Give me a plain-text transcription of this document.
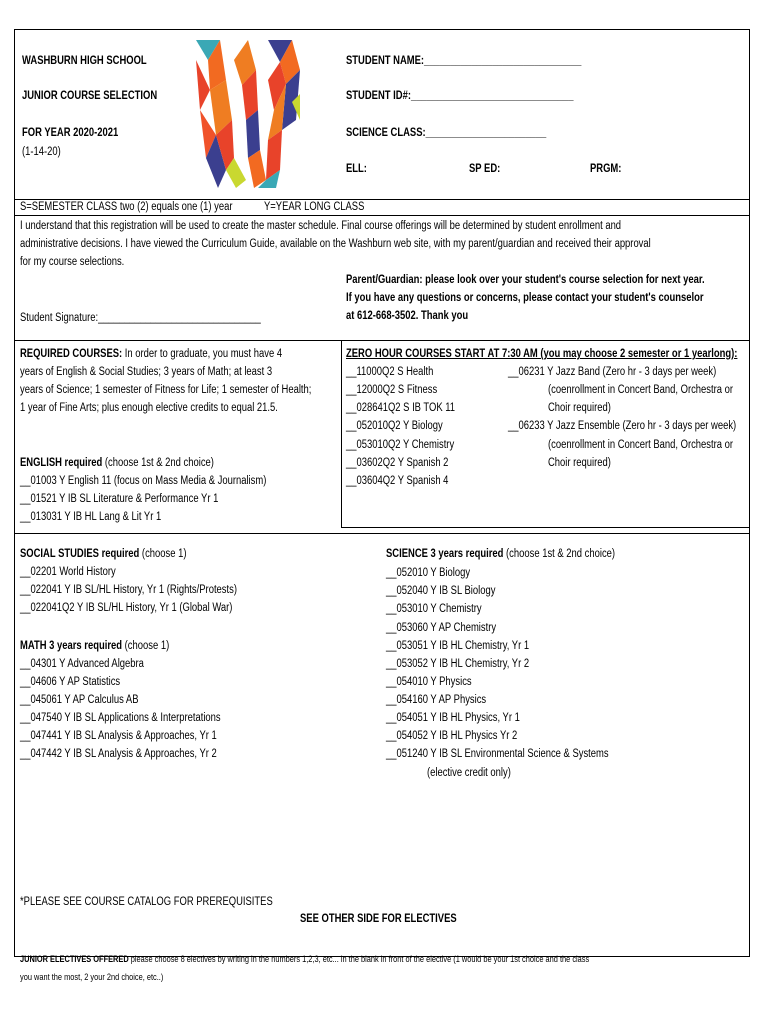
WASHBURN HIGH SCHOOL
JUNIOR COURSE SELECTION
FOR YEAR 2020-2021
(1-14-20)
STUDENT NAME:______________________________
STUDENT ID#:_______________________________
SCIENCE CLASS:_______________________
ELL:	SP ED:	PRGM:
S=SEMESTER CLASS two (2) equals one (1) year	Y=YEAR LONG CLASS
I understand that this registration will be used to create the master schedule. Final course offerings will be determined by student enrollment and
administrative decisions. I have viewed the Curriculum Guide, available on the Washburn web site, with my parent/guardian and received their approval
for my course selections.
Parent/Guardian: please look over your student's course selection for next year.
If you have any questions or concerns, please contact your student's counselor
at 612-668-3502. Thank you
Student Signature:_______________________________
REQUIRED COURSES: In order to graduate, you must have 4
years of English & Social Studies; 3 years of Math; at least 3
years of Science; 1 semester of Fitness for Life; 1 semester of Health;
1 year of Fine Arts; plus enough elective credits to equal 21.5.
ZERO HOUR COURSES START AT 7:30 AM (you may choose 2 semester or 1 yearlong):
__11000Q2 S Health
__12000Q2 S Fitness
__028641Q2 S IB TOK 11
__052010Q2 Y Biology
__053010Q2 Y Chemistry
__03602Q2 Y Spanish 2
__03604Q2 Y Spanish 4
__06231 Y Jazz Band (Zero hr - 3 days per week)
(coenrollment in Concert Band, Orchestra or
Choir required)
__06233 Y Jazz Ensemble (Zero hr - 3 days per week)
(coenrollment in Concert Band, Orchestra or
Choir required)
ENGLISH required (choose 1st & 2nd choice)
__01003 Y English 11 (focus on Mass Media & Journalism)
__01521 Y IB SL Literature & Performance Yr 1
__013031 Y IB HL Lang & Lit Yr 1
SOCIAL STUDIES required (choose 1)
__02201 World History
__022041 Y IB SL/HL History, Yr 1 (Rights/Protests)
__022041Q2 Y IB SL/HL History, Yr 1 (Global War)
MATH 3 years required (choose 1)
__04301 Y Advanced Algebra
__04606 Y AP Statistics
__045061 Y AP Calculus AB
__047540 Y IB SL Applications & Interpretations
__047441 Y IB SL Analysis & Approaches, Yr 1
__047442 Y IB SL Analysis & Approaches, Yr 2
SCIENCE 3 years required (choose 1st & 2nd choice)
__052010 Y Biology
__052040 Y IB SL Biology
__053010 Y Chemistry
__053060 Y AP Chemistry
__053051 Y IB HL Chemistry, Yr 1
__053052 Y IB HL Chemistry, Yr 2
__054010 Y Physics
__054160 Y AP Physics
__054051 Y IB HL Physics, Yr 1
__054052 Y IB HL Physics Yr 2
__051240 Y IB SL Environmental Science & Systems
(elective credit only)
*PLEASE SEE COURSE CATALOG FOR PREREQUISITES
SEE OTHER SIDE FOR ELECTIVES
JUNIOR ELECTIVES OFFERED please choose 8 electives by writing in the numbers 1,2,3, etc... in the blank in front of the elective (1 would be your 1st choice and the class
you want the most, 2 your 2nd choice, etc..)
